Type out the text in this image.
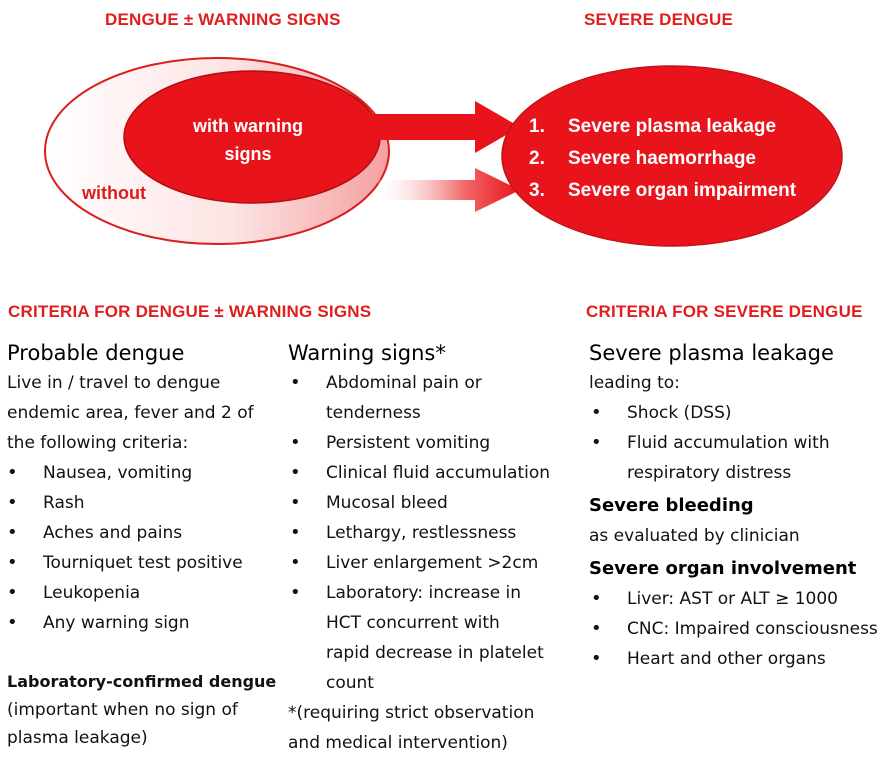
DENGUE ± WARNING SIGNS	SEVERE DENGUE
with warning
signs
without
1. Severe plasma leakage
2. Severe haemorrhage
3. Severe organ impairment
CRITERIA FOR DENGUE ± WARNING SIGNS	CRITERIA FOR SEVERE DENGUE
Probable dengue

Live in / travel to dengue

endemic area, fever and 2 of

the following criteria:

• Nausea, vomiting
• Rash
• Aches and pains
• Tourniquet test positive
• Leukopenia
• Any warning sign
Laboratory-confirmed dengue

(important when no sign of

plasma leakage)

Warning signs*
• Abdominal pain or
tenderness
• Persistent vomiting
• Clinical fluid accumulation
• Mucosal bleed
• Lethargy, restlessness
• Liver enlargement >2cm
• Laboratory: increase in
HCT concurrent with
rapid decrease in platelet
count

*(requiring strict observation

and medical intervention)

Severe plasma leakage

leading to:

• Shock (DSS)
• Fluid accumulation with
respiratory distress
Severe bleeding

as evaluated by clinician

Severe organ involvement
• Liver: AST or ALT ≥ 1000
• CNC: Impaired consciousness
• Heart and other organs
